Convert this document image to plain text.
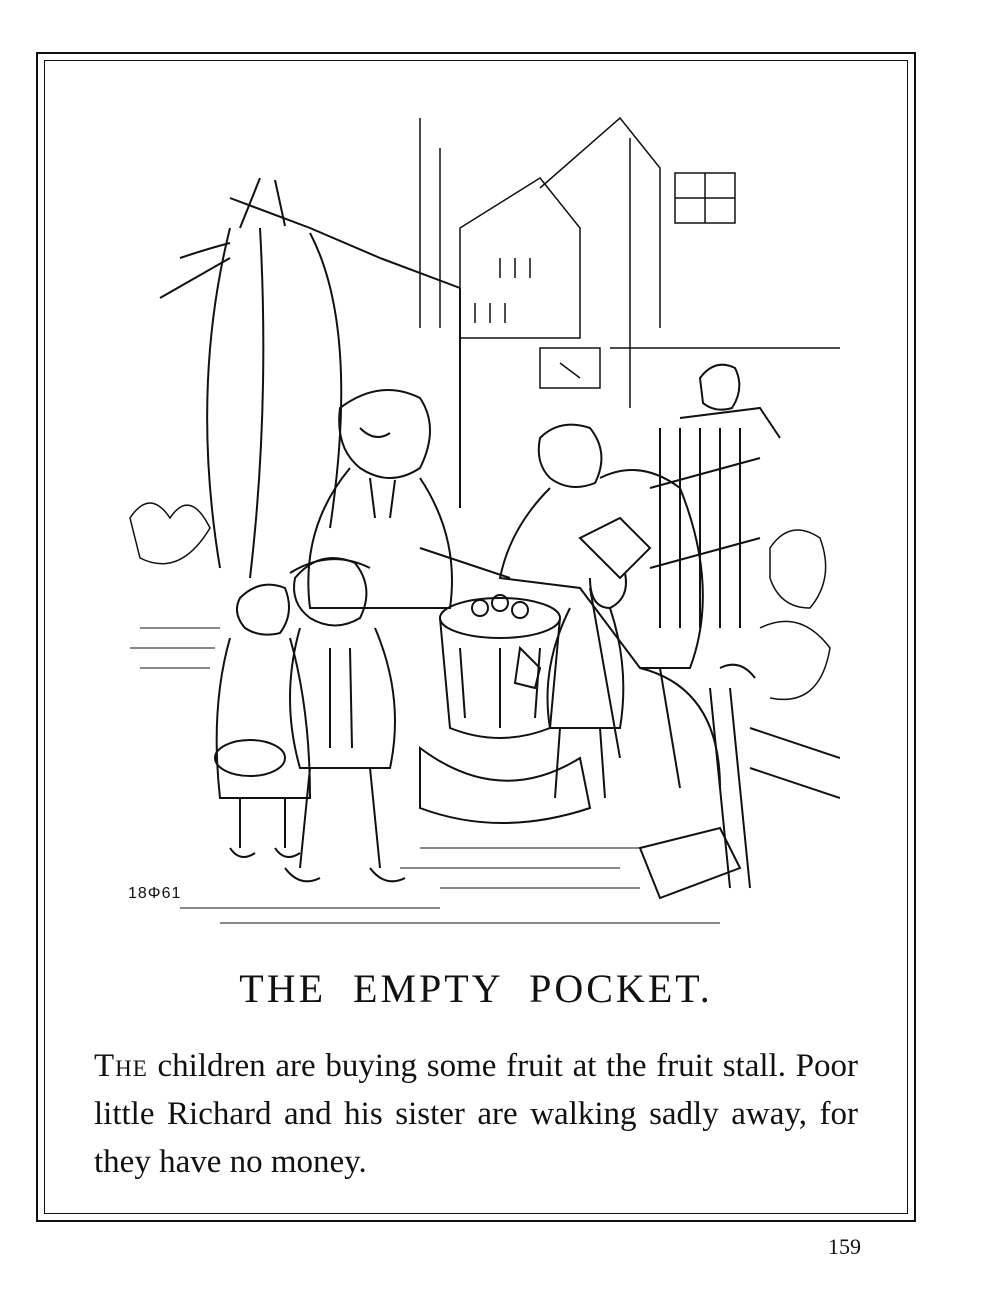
18Φ61
THE EMPTY POCKET.
The children are buying some fruit at the fruit stall. Poor little Richard and his sister are walking sadly away, for they have no money.
159
